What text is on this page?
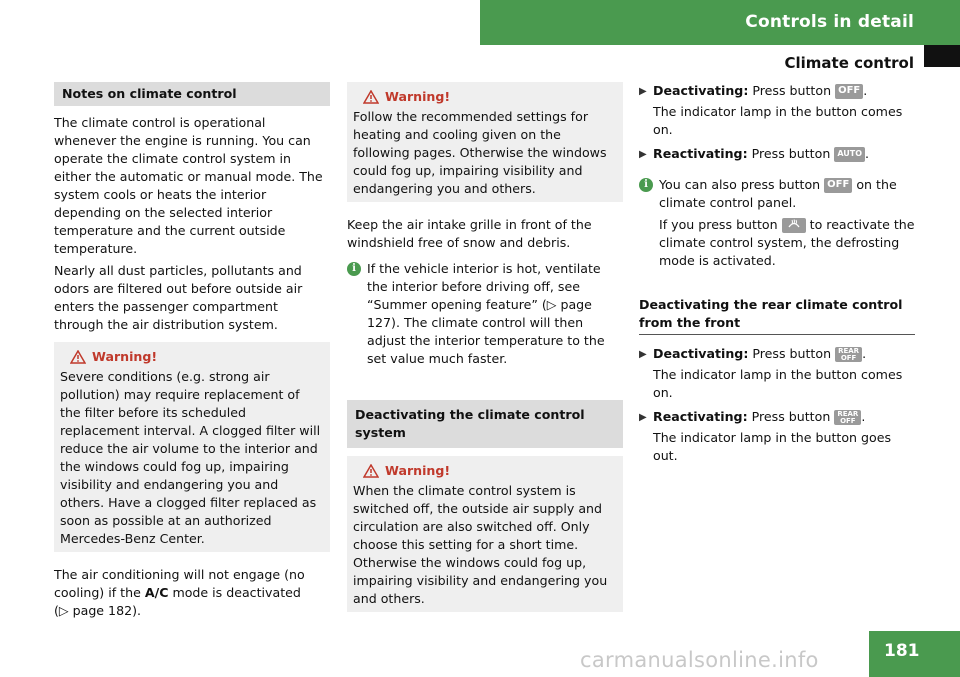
Controls in detail
Climate control
Notes on climate control

The climate control is operational whenever the engine is running. You can operate the climate control system in either the automatic or manual mode. The system cools or heats the interior depending on the selected interior temperature and the current outside temperature.

Nearly all dust particles, pollutants and odors are filtered out before outside air enters the passenger compartment through the air distribution system.

Warning!
Severe conditions (e.g. strong air pollution) may require replacement of the filter before its scheduled replacement interval. A clogged filter will reduce the air volume to the interior and the windows could fog up, impairing visibility and endangering you and others. Have a clogged filter replaced as soon as possible at an authorized Mercedes-Benz Center.

The air conditioning will not engage (no cooling) if the A/C mode is deactivated
(▷ page 182).

Warning!
Follow the recommended settings for heating and cooling given on the following pages. Otherwise the windows could fog up, impairing visibility and endangering you and others.

Keep the air intake grille in front of the windshield free of snow and debris.

i If the vehicle interior is hot, ventilate the interior before driving off, see “Summer opening feature” (▷ page 127). The climate control will then adjust the interior temperature to the set value much faster.
Deactivating the climate control system
Warning!
When the climate control system is switched off, the outside air supply and circulation are also switched off. Only choose this setting for a short time. Otherwise the windows could fog up, impairing visibility and endangering you and others.
▶ Deactivating: Press button OFF .
The indicator lamp in the button comes on.
▶ Reactivating: Press button AUTO .
i You can also press button OFF on the climate control panel.

If you press button	to reactivate the climate control system, the defrosting mode is activated.

Deactivating the rear climate control from the front
▶ Deactivating: Press button REAR
OFF .
The indicator lamp in the button comes on.
▶ Reactivating: Press button REAR
OFF .
The indicator lamp in the button goes out.
carmanualsonline.info	181
